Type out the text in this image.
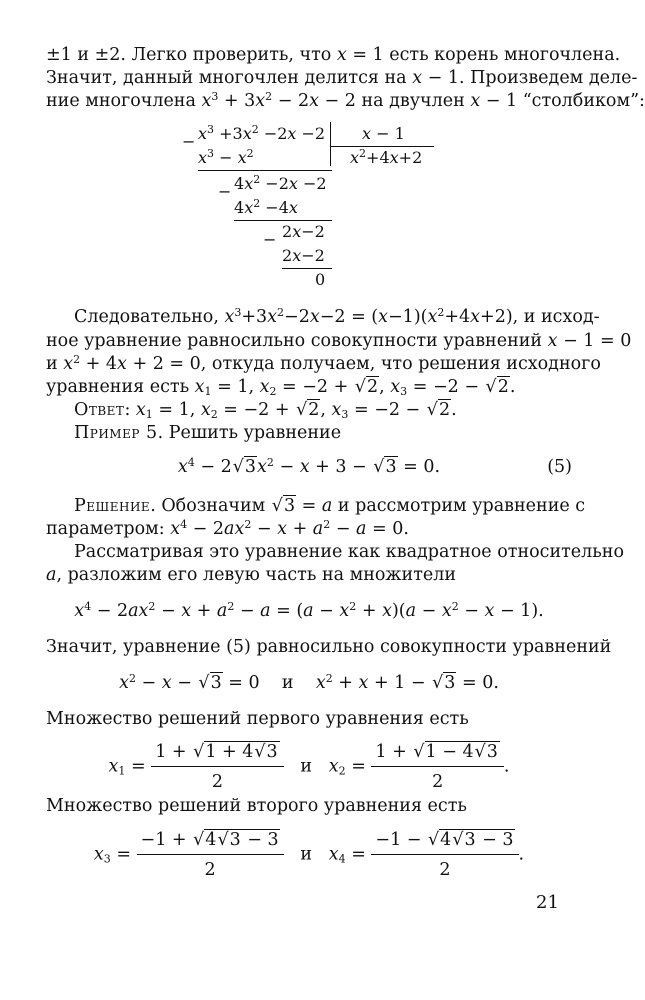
±1 и ±2. Легко проверить, что x = 1 есть корень многочлена.
Значит, данный многочлен делится на x − 1. Произведем деле-
ние многочлена $x^3 + 3x^2 - 2x - 2$ на двучлен x − 1 “столбиком”:
− $x^3 +3x^2 -2x -2$ x − 1
$x^3 - x^2$	$x^2+4x+2$
− $4x^2 -2x -2$
$4x^2 -4x$
− 2x−2
2x−2
0
Следовательно, $x^3+3x^2-2x-2 = (x-1)(x^2+4x+2)$, и исход-
ное уравнение равносильно совокупности уравнений x − 1 = 0
и $x^2 + 4x + 2 = 0$, откуда получаем, что решения исходного
уравнения есть $x_1 = 1$, $x_2 = -2 + √2$, $x_3 = -2 - √2$.
Ответ: $x_1 = 1$, $x_2 = -2 + √2$, $x_3 = -2 - √2$.
Пример 5. Решить уравнение
$x^4 - 2√3x^2 - x + 3 - √3 = 0$.	(5)
Решение. Обозначим √3 = a и рассмотрим уравнение с
параметром: $x^4 - 2ax^2 - x + a^2 - a = 0$.
Рассматривая это уравнение как квадратное относительно
a, разложим его левую часть на множители
$x^4 - 2ax^2 - x + a^2 - a = (a - x^2 + x)(a - x^2 - x - 1)$.
Значит, уравнение (5) равносильно совокупности уравнений
$x^2 - x - √3 = 0$    и $x^2 + x + 1 - √3 = 0$.
Множество решений первого уравнения есть
$x_1 = \frac{1 + √1 + 4√3}{2}$ и $x_2 = \frac{1 + √1 - 4√3}{2}$ .
Множество решений второго уравнения есть
$x_3 = \frac{-1 + √4√3 - 3}{2}$ и $x_4 = \frac{-1 - √4√3 - 3}{2}$ .
21
